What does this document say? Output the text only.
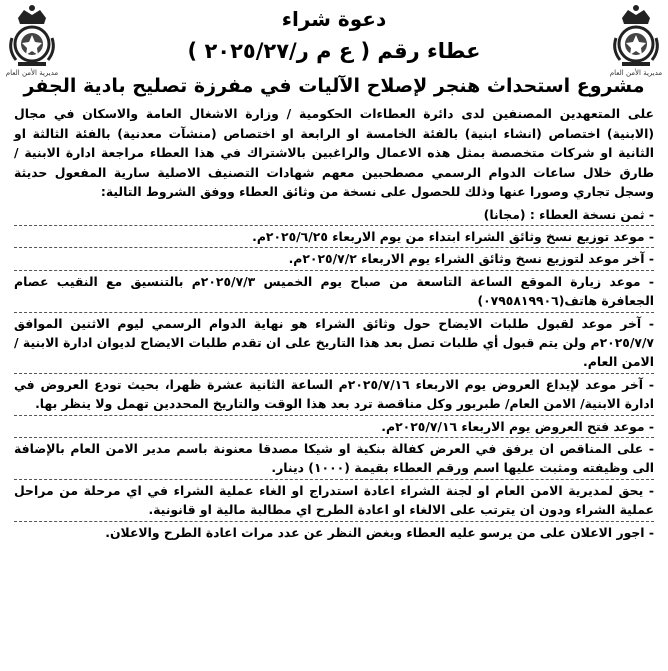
مديرية الأمن العام
مديرية الأمن العام

دعوة شراء

عطاء رقم ( ع م ر/٢٠٢٥/٢٧ )

مشروع استحداث هنجر لإصلاح الآليات في مفرزة تصليح بادية الجفر

على المتعهدين المصنفين لدى دائرة العطاءات الحكومية / وزارة الاشغال العامة والاسكان في مجال (الابنية) اختصاص (انشاء ابنية) بالفئة الخامسة او الرابعة او اختصاص (منشآت معدنية) بالفئة الثالثة او الثانية او شركات متخصصة بمثل هذه الاعمال والراغبين بالاشتراك في هذا العطاء مراجعة ادارة الابنية / طارق خلال ساعات الدوام الرسمي مصطحبين معهم شهادات التصنيف الاصلية سارية المفعول حديثة وسجل تجاري وصورا عنها وذلك للحصول على نسخة من وثائق العطاء ووفق الشروط التالية:

- ثمن نسخة العطاء : (مجانا)
- موعد توزيع نسخ وثائق الشراء ابتداء من يوم الاربعاء ٢٠٢٥/٦/٢٥م.
- آخر موعد لتوزيع نسخ وثائق الشراء يوم الاربعاء ٢٠٢٥/٧/٢م.
- موعد زيارة الموقع الساعة التاسعة من صباح يوم الخميس ٢٠٢٥/٧/٣م بالتنسيق مع النقيب عصام الجعافرة هاتف(٠٧٩٥٨١٩٩٠٦)
- آخر موعد لقبول طلبات الايضاح حول وثائق الشراء هو نهاية الدوام الرسمي ليوم الاثنين الموافق ٢٠٢٥/٧/٧م ولن يتم قبول أي طلبات تصل بعد هذا التاريخ على ان تقدم طلبات الايضاح لديوان ادارة الابنية / الامن العام.
- آخر موعد لإيداع العروض يوم الاربعاء ٢٠٢٥/٧/١٦م الساعة الثانية عشرة ظهرا، بحيث تودع العروض في ادارة الابنية/ الامن العام/ طبربور وكل مناقصة ترد بعد هذا الوقت والتاريخ المحددين تهمل ولا ينظر بها.
- موعد فتح العروض يوم الاربعاء ٢٠٢٥/٧/١٦م.
- على المناقص ان يرفق في العرض كفالة بنكية او شيكا مصدقا معنونة باسم مدير الامن العام بالإضافة الى وظيفته ومثبت عليها اسم ورقم العطاء بقيمة (١٠٠٠) دينار.
- يحق لمديرية الامن العام او لجنة الشراء اعادة استدراج او الغاء عملية الشراء في اي مرحلة من مراحل عملية الشراء ودون ان يترتب على الالغاء او اعادة الطرح اي مطالبة مالية او قانونية.
- اجور الاعلان على من يرسو عليه العطاء وبغض النظر عن عدد مرات اعادة الطرح والاعلان.
